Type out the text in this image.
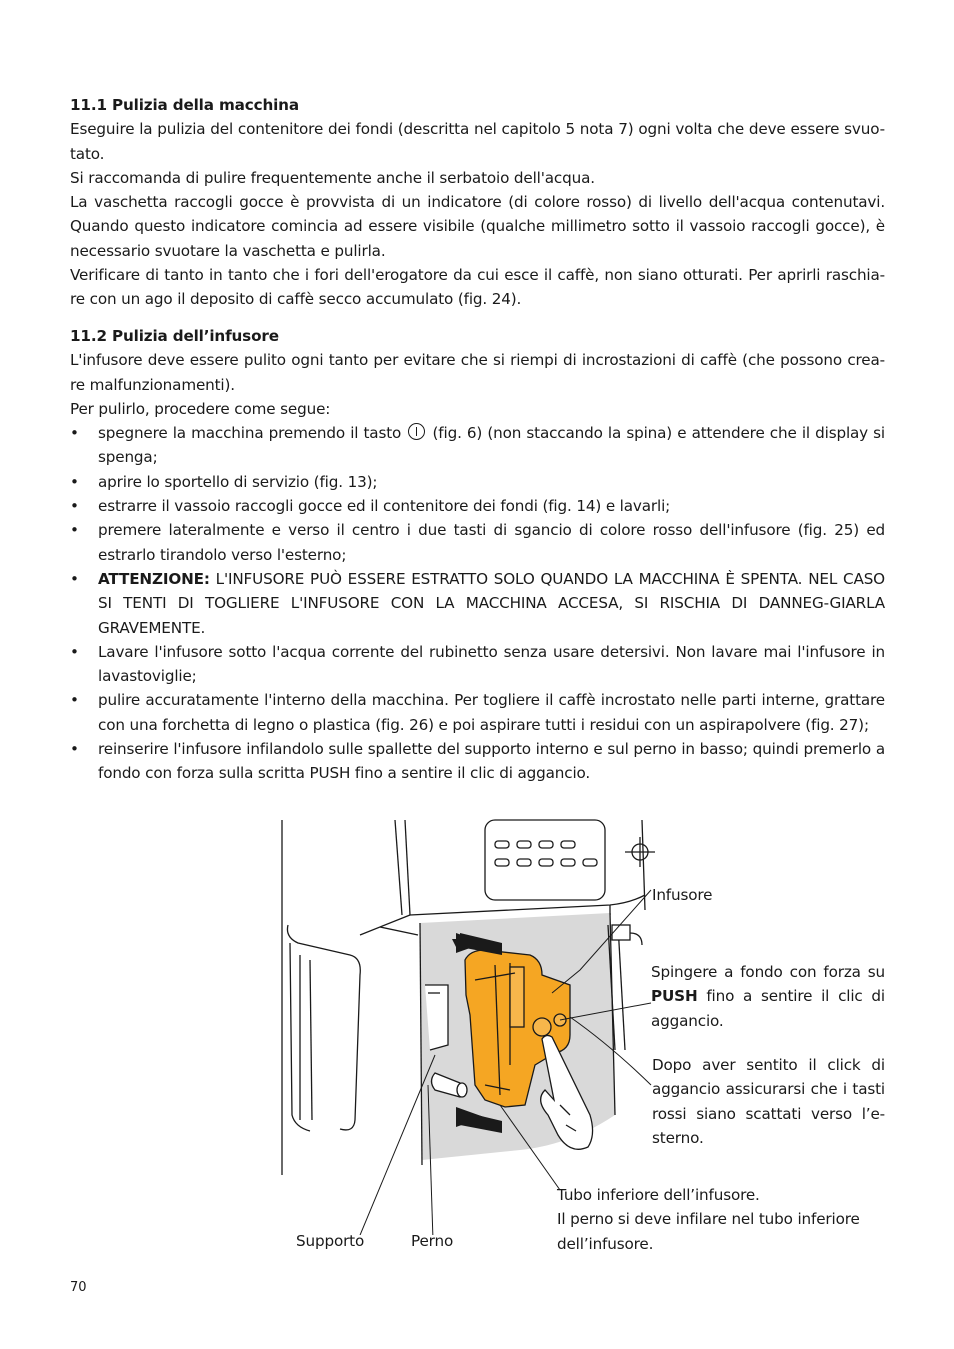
11.1 Pulizia della macchina

Eseguire la pulizia del contenitore dei fondi (descritta nel capitolo 5 nota 7) ogni volta che deve essere svuo-tato.

Si raccomanda di pulire frequentemente anche il serbatoio dell'acqua.

La vaschetta raccogli gocce è provvista di un indicatore (di colore rosso) di livello dell'acqua contenutavi. Quando questo indicatore comincia ad essere visibile (qualche millimetro sotto il vassoio raccogli gocce), è necessario svuotare la vaschetta e pulirla.

Verificare di tanto in tanto che i fori dell'erogatore da cui esce il caffè, non siano otturati. Per aprirli raschia-re con un ago il deposito di caffè secco accumulato (fig. 24).

11.2 Pulizia dell’infusore

L'infusore deve essere pulito ogni tanto per evitare che si riempi di incrostazioni di caffè (che possono crea-re malfunzionamenti).

Per pulirlo, procedere come segue:

• spegnere la macchina premendo il tasto (fig. 6) (non staccando la spina) e attendere che il display si spenga;
• aprire lo sportello di servizio (fig. 13);
• estrarre il vassoio raccogli gocce ed il contenitore dei fondi (fig. 14) e lavarli;
• premere lateralmente e verso il centro i due tasti di sgancio di colore rosso dell'infusore (fig. 25) ed estrarlo tirandolo verso l'esterno;
• ATTENZIONE: L'INFUSORE PUÒ ESSERE ESTRATTO SOLO QUANDO LA MACCHINA È SPENTA. NEL CASO SI TENTI DI TOGLIERE L'INFUSORE CON LA MACCHINA ACCESA, SI RISCHIA DI DANNEG-GIARLA GRAVEMENTE.
• Lavare l'infusore sotto l'acqua corrente del rubinetto senza usare detersivi. Non lavare mai l'infusore in lavastoviglie;
• pulire accuratamente l'interno della macchina. Per togliere il caffè incrostato nelle parti interne, grattare con una forchetta di legno o plastica (fig. 26) e poi aspirare tutti i residui con un aspirapolvere (fig. 27);
• reinserire l'infusore infilandolo sulle spallette del supporto interno e sul perno in basso; quindi premerlo a fondo con forza sulla scritta PUSH fino a sentire il clic di aggancio.
Infusore
Spingere a fondo con forza su PUSH fino a sentire il clic di aggancio.
Dopo aver sentito il click di aggancio assicurarsi che i tasti rossi siano scattati verso l’e-sterno.
Tubo inferiore dell’infusore.
Il perno si deve infilare nel tubo inferiore dell’infusore.
Supporto	Perno
70
